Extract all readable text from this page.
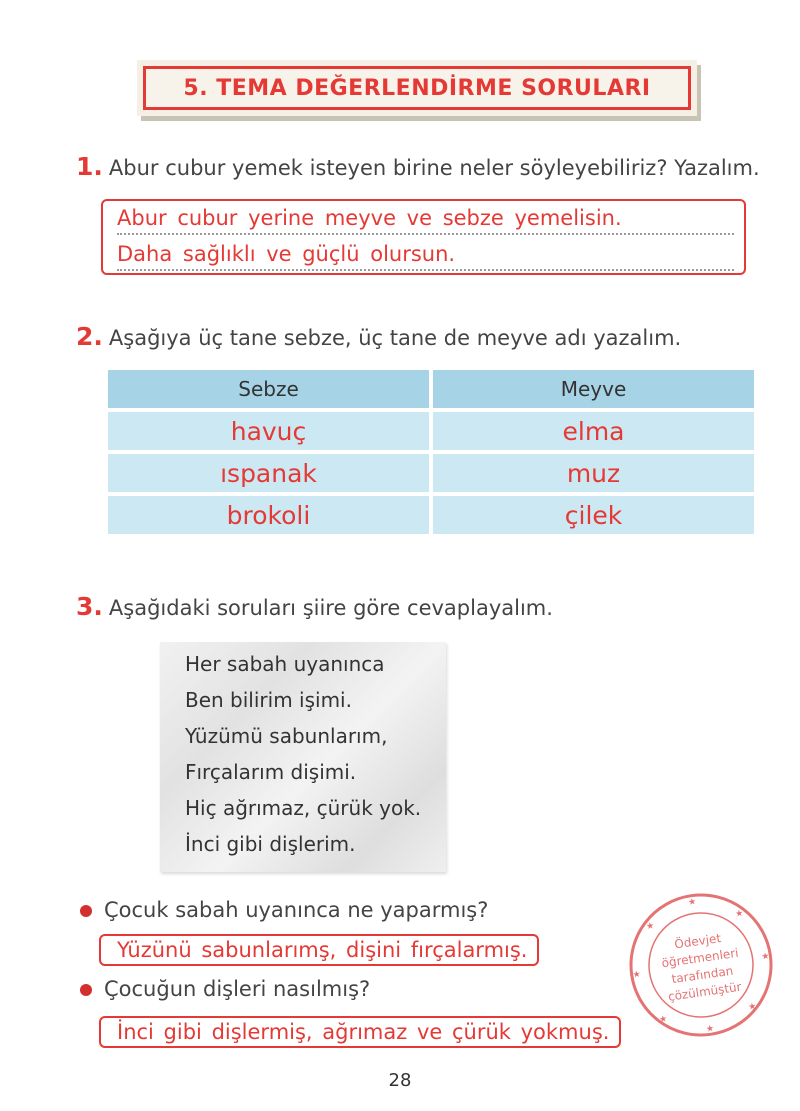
5. TEMA DEĞERLENDİRME SORULARI
1. Abur cubur yemek isteyen birine neler söyleyebiliriz? Yazalım.
Abur cubur yerine meyve ve sebze yemelisin.
Daha sağlıklı ve güçlü olursun.
2. Aşağıya üç tane sebze, üç tane de meyve adı yazalım.
Sebze	Meyve
havuç	elma
ıspanak	muz
brokoli	çilek
3. Aşağıdaki soruları şiire göre cevaplayalım.
Her sabah uyanınca
Ben bilirim işimi.
Yüzümü sabunlarım,
Fırçalarım dişimi.
Hiç ağrımaz, çürük yok.
İnci gibi dişlerim.
Çocuk sabah uyanınca ne yaparmış?
Yüzünü sabunlarımş, dişini fırçalarmış.
Çocuğun dişleri nasılmış?
İnci gibi dişlermiş, ağrımaz ve çürük yokmuş.
★
★
★
★
★
★
★
★
Ödevjet
öğretmenleri
tarafından
çözülmüştür
28
